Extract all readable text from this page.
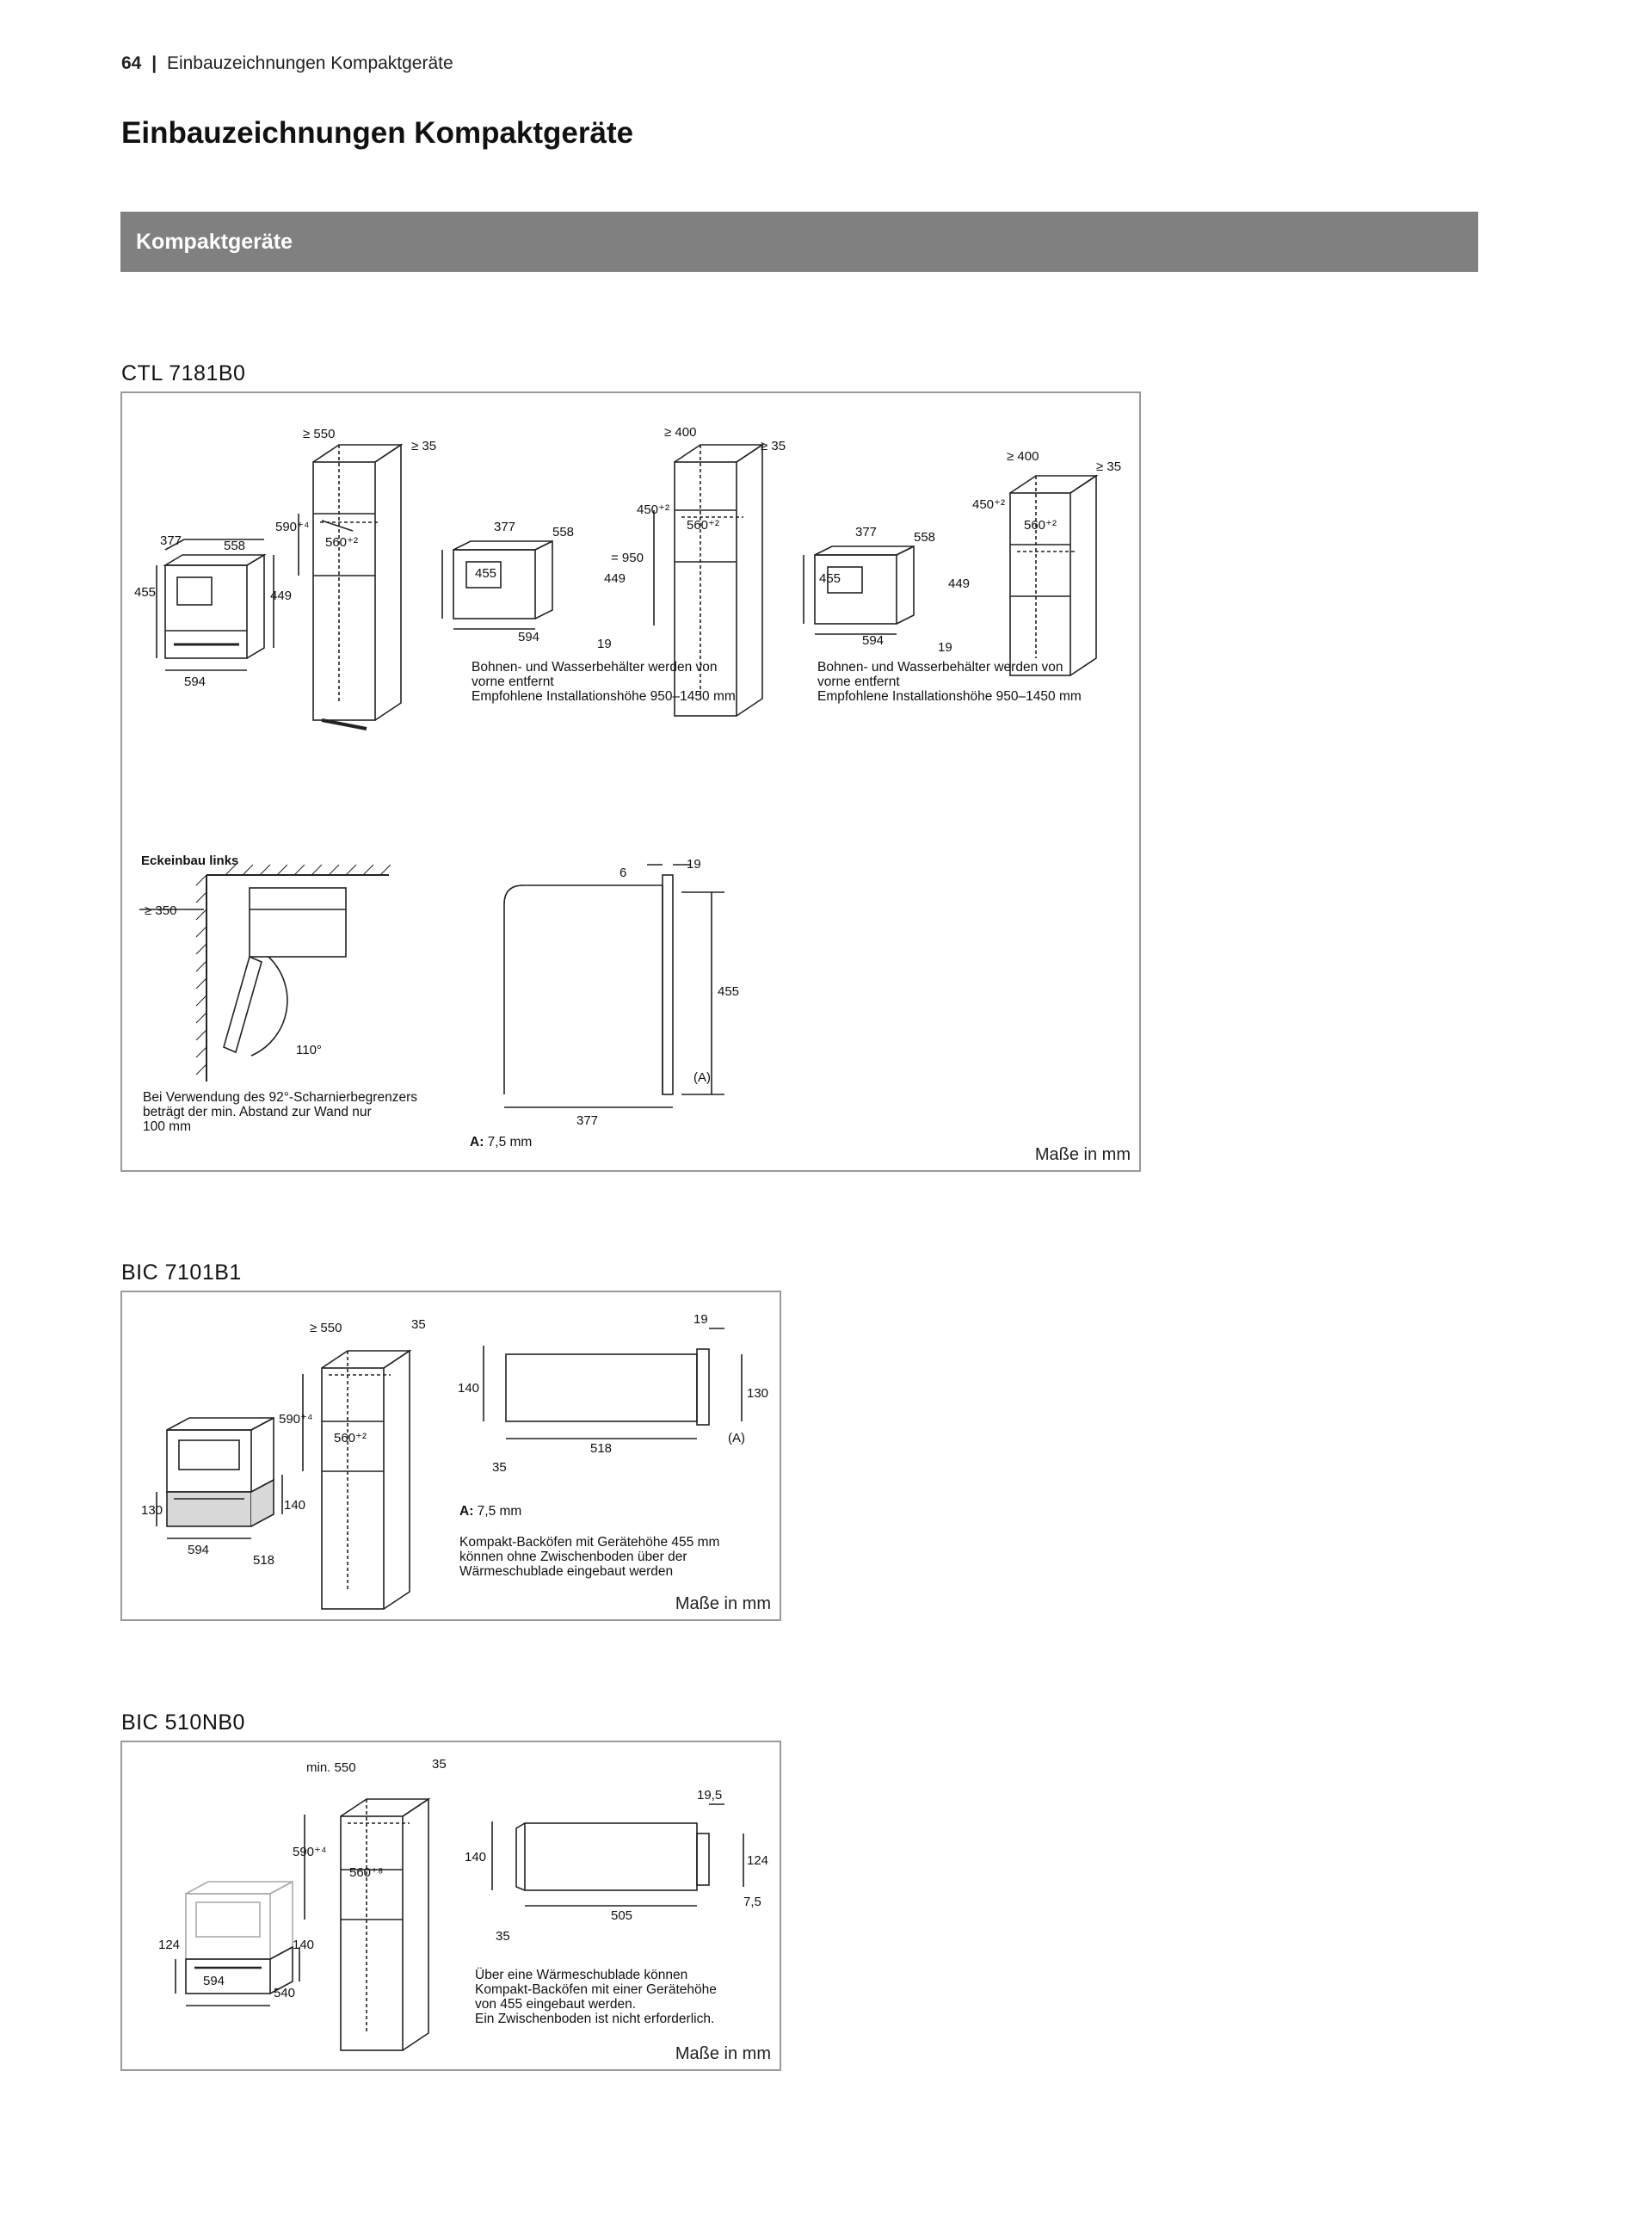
64 | Einbauzeichnungen Kompaktgeräte
Einbauzeichnungen Kompaktgeräte
Kompaktgeräte
CTL 7181B0
377	558
455	449
594
≥ 550
≥ 35
590⁺⁴
560⁺²
377	558
455	449
594	19
≥ 400
≥ 35
450⁺²
560⁺²
= 950
377	558
455	449
594	19
≥ 400
≥ 35
450⁺²
560⁺²
Eckeinbau links
≥ 350
110°
6
19
455
(A)
377
Bohnen- und Wasserbehälter werden von
vorne entfernt
Empfohlene Installationshöhe 950–1450 mm
Bohnen- und Wasserbehälter werden von
vorne entfernt
Empfohlene Installationshöhe 950–1450 mm
Bei Verwendung des 92°-Scharnierbegrenzers
beträgt der min. Abstand zur Wand nur
100 mm
A: 7,5 mm
Maße in mm
BIC 7101B1
130	140
594
518
≥ 550	35
590⁺⁴
560⁺²
19
140	130
35
518
(A)
A: 7,5 mm
Kompakt-Backöfen mit Gerätehöhe 455 mm
können ohne Zwischenboden über der
Wärmeschublade eingebaut werden
Maße in mm
BIC 510NB0
124	140
594
540
min. 550	35
590⁺⁴
560⁺⁸
19,5
140	124
7,5
35
505
Über eine Wärmeschublade können
Kompakt-Backöfen mit einer Gerätehöhe
von 455 eingebaut werden.
Ein Zwischenboden ist nicht erforderlich.
Maße in mm
